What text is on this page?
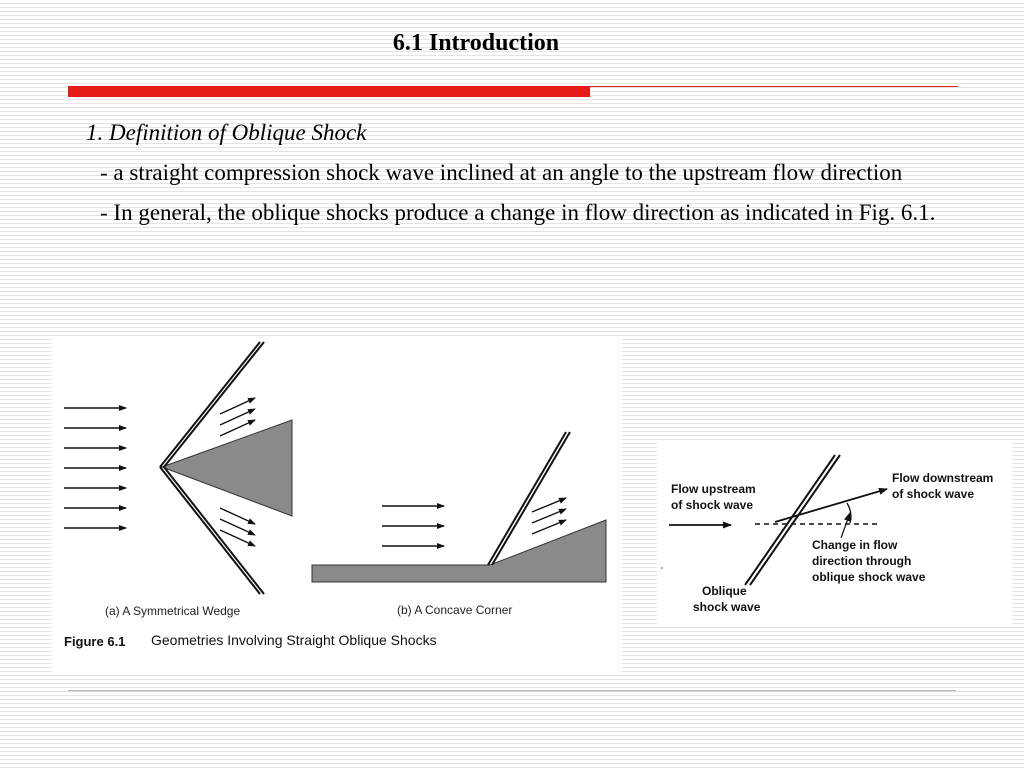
6.1 Introduction

1. Definition of Oblique Shock

- a straight compression shock wave inclined at an angle to the upstream flow direction

- In general, the oblique shocks produce a change in flow direction as indicated in Fig. 6.1.

(a) A Symmetrical Wedge	(b) A Concave Corner
Figure 6.1 Geometries Involving Straight Oblique Shocks
Flow upstream
of shock wave
Flow downstream
of shock wave
Change in flow
direction through
oblique shock wave
Oblique
shock wave
